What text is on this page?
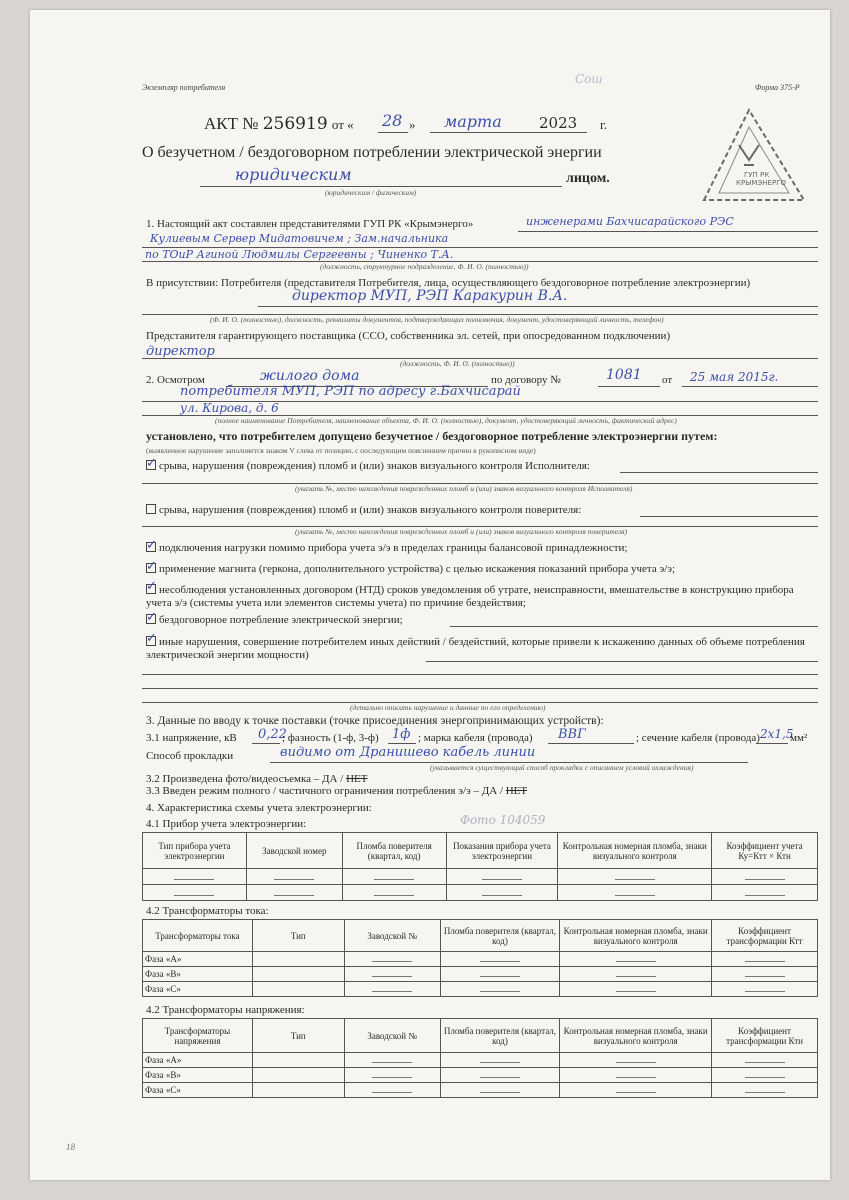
Экземпляр потребителя	Форма 375-Р
Сош
АКТ № 256919 от « 28 » марта 2023 г.
О безучетном / бездоговорном потреблении электрической энергии
юридическим
(юридическим / физическим)
лицом.	ГУП РК
КРЫМЭНЕРГО
1. Настоящий акт составлен представителями ГУП РК «Крымэнерго»	инженерами Бахчисарайского РЭС
Кулиевым Сервер Мидатовичем ; Зам.начальника
по ТОиР Агиной Людмилы Сергеевны ; Чиненко Т.А.
(должность, структурное подразделение, Ф. И. О. (полностью))
В присутствии: Потребителя (представителя Потребителя, лица, осуществляющего бездоговорное потребление электроэнергии)
директор МУП, РЭП Каракурин В.А.
(Ф. И. О. (полностью), должность, реквизиты документов, подтверждающих полномочия, документ, удостоверяющий личность, телефон)
Представителя гарантирующего поставщика (ССО, собственника эл. сетей, при опосредованном подключении)
директор
(должность, Ф. И. О. (полностью))
2. Осмотром	жилого дома	по договору №	1081 от 25 мая 2015г.
потребителя МУП, РЭП по адресу г.Бахчисарай
ул. Кирова, д. 6
(полное наименование Потребителя, наименование объекта, Ф. И. О. (полностью), документ, удостоверяющий личность, фактический адрес)
установлено, что потребителем допущено безучетное / бездоговорное потребление электроэнергии путем:
(выявленное нарушение заполняется знаком V слева от позиции, с последующим пояснением причин в рукописном виде)
✓ срыва, нарушения (повреждения) пломб и (или) знаков визуального контроля Исполнителя:
(указать №, место нахождения поврежденных пломб и (или) знаков визуального контроля Исполнителя)
срыва, нарушения (повреждения) пломб и (или) знаков визуального контроля поверителя:
(указать №, место нахождения поврежденных пломб и (или) знаков визуального контроля поверителя)
✓ подключения нагрузки помимо прибора учета э/э в пределах границы балансовой принадлежности;
✓ применение магнита (геркона, дополнительного устройства) с целью искажения показаний прибора учета э/э;
✓ несоблюдения установленных договором (НТД) сроков уведомления об утрате, неисправности, вмешательстве в конструкцию прибора учета э/э (системы учета или элементов системы учета) по причине бездействия;
✓ бездоговорное потребление электрической энергии;
✓ иные нарушения, совершение потребителем иных действий / бездействий, которые привели к искажению данных об объеме потребления электрической энергии мощности)
(детально описать нарушение и данные по его определению)
3. Данные по вводу к точке поставки (точке присоединения энергопринимающих устройств):
3.1 напряжение, кВ 0,22
; фазность (1-ф, 3-ф) 1ф ; марка кабеля (провода) ВВГ	; сечение кабеля (провода) 2х1,5
мм²
Способ прокладки	видимо от Дранишево кабель линии
(указывается существующий способ прокладки с описанием условий охлаждения)
3.2 Произведена фото/видеосъемка – ДА / НЕТ
3.3 Введен режим полного / частичного ограничения потребления э/э – ДА / НЕТ
4. Характеристика схемы учета электроэнергии:
Фото 104059
4.1 Прибор учета электроэнергии:
Тип прибора учета электроэнергии	Заводской номер	Пломба поверителя (квартал, код)	Показания прибора учета электроэнергии	Контрольная номерная пломба, знаки визуального контроля	Коэффициент учета Ку=Ктт × Ктн

4.2 Трансформаторы тока:
Трансформаторы тока	Тип	Заводской №	Пломба поверителя (квартал, код)	Контрольная номерная пломба, знаки визуального контроля	Коэффициент трансформации Ктт
Фаза «А»					
Фаза «В»					
Фаза «С»					
4.2 Трансформаторы напряжения:
Трансформаторы напряжения	Тип	Заводской №	Пломба поверителя (квартал, код)	Контрольная номерная пломба, знаки визуального контроля	Коэффициент трансформации Ктн
Фаза «А»					
Фаза «В»					
Фаза «С»					
18
